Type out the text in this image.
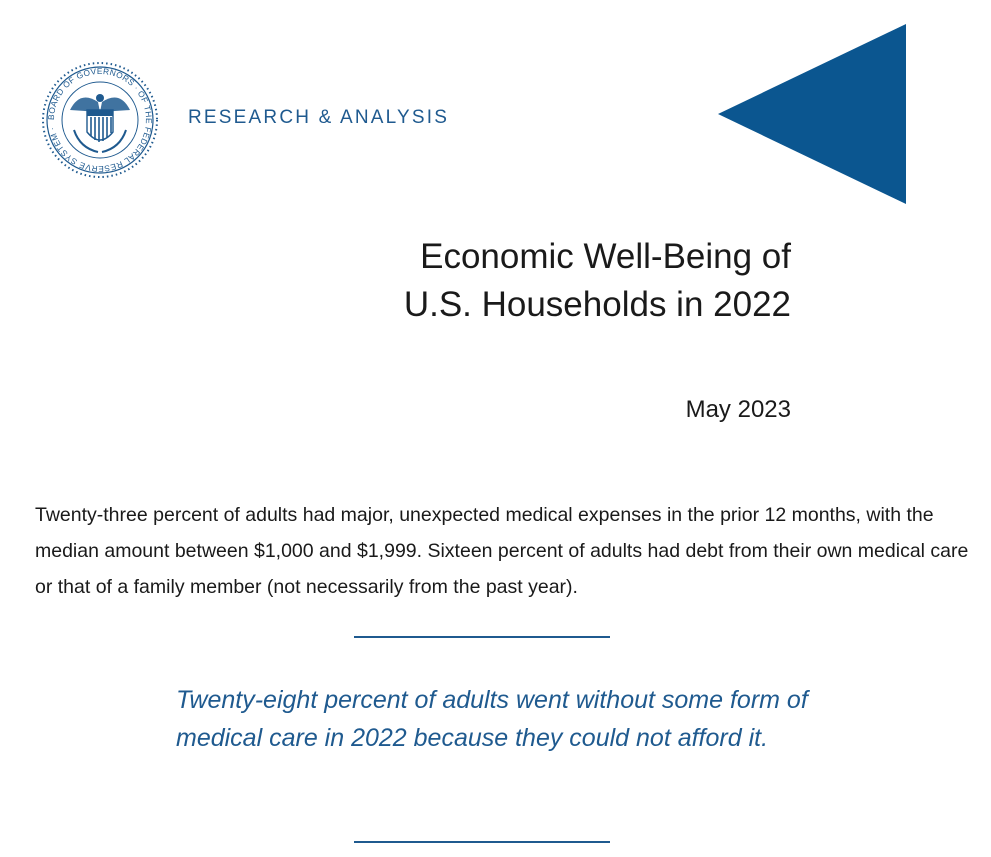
BOARD OF GOVERNORS · OF THE FEDERAL RESERVE SYSTEM ·
RESEARCH & ANALYSIS
Economic Well-Being of
U.S. Households in 2022
May 2023

Twenty-three percent of adults had major, unexpected medical expenses in the prior 12 months, with the median amount between $1,000 and $1,999. Sixteen percent of adults had debt from their own medical care or that of a family member (not necessarily from the past year).

Twenty-eight percent of adults went without some form of medical care in 2022 because they could not afford it.
